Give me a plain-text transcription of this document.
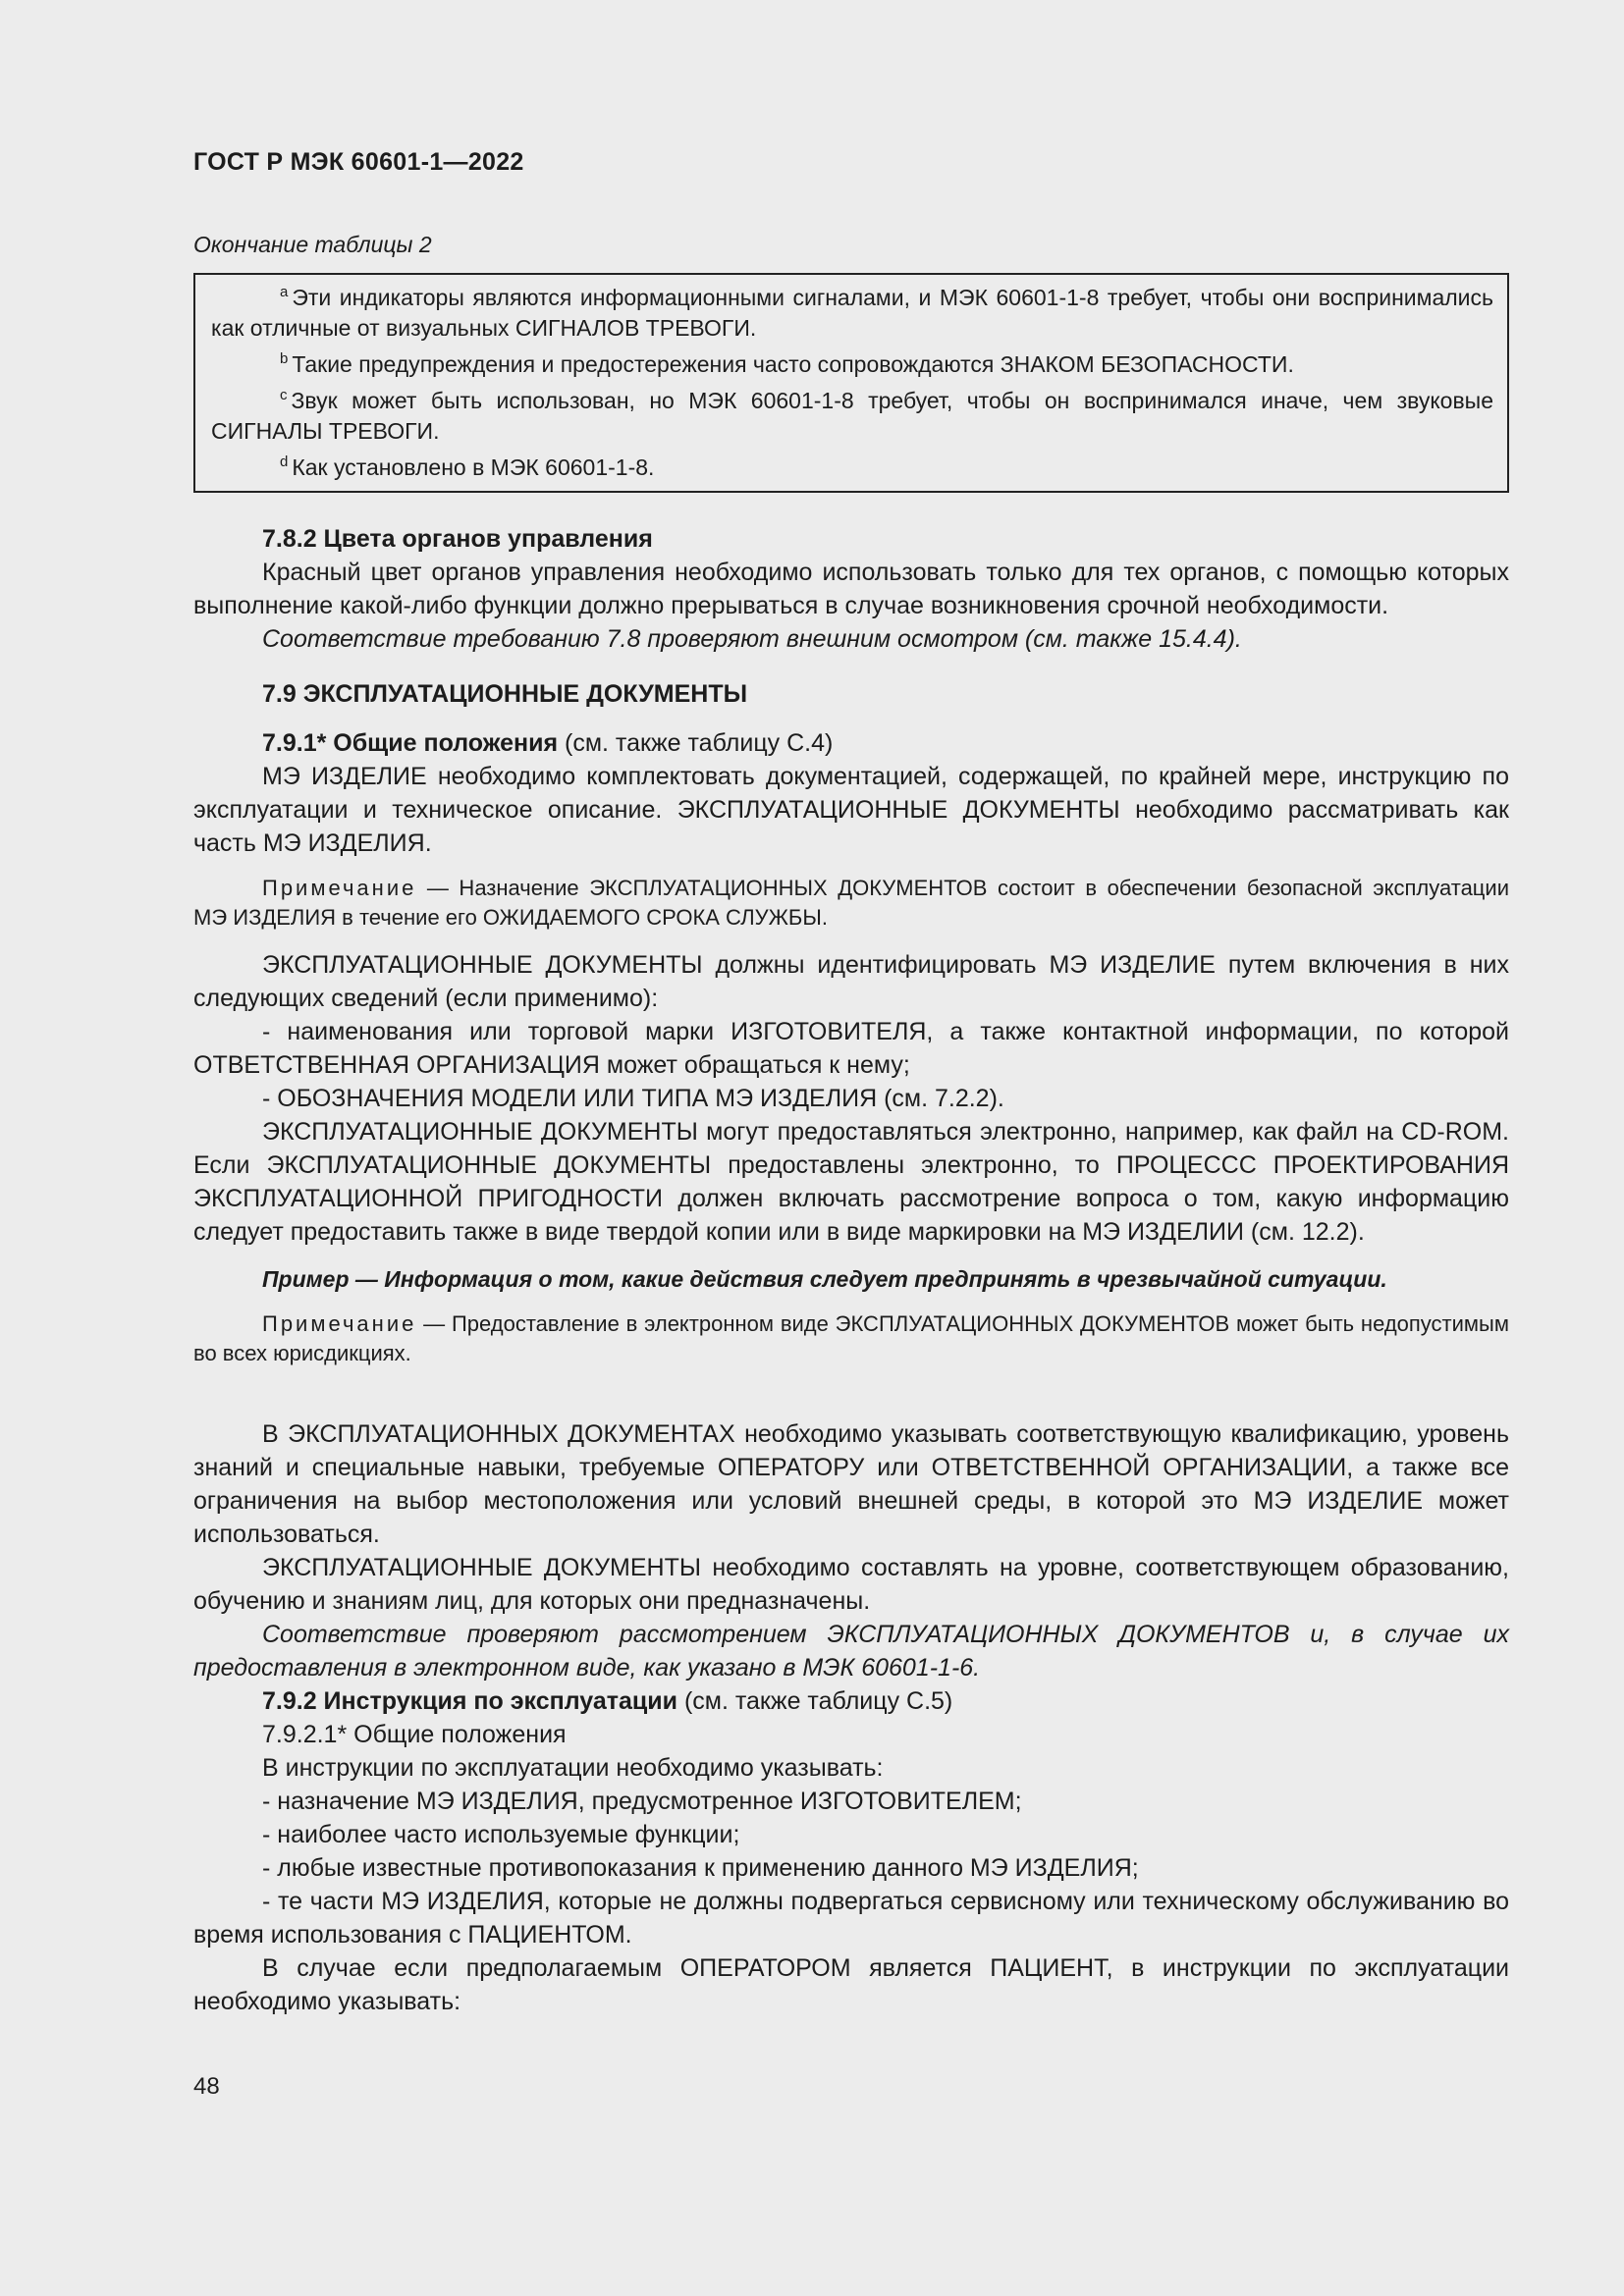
ГОСТ Р МЭК 60601-1—2022
Окончание таблицы 2

$^a$ Эти индикаторы являются информационными сигналами, и МЭК 60601-1-8 требует, чтобы они воспринимались как отличные от визуальных СИГНАЛОВ ТРЕВОГИ.

$^b$ Такие предупреждения и предостережения часто сопровождаются ЗНАКОМ БЕЗОПАСНОСТИ.

$^c$ Звук может быть использован, но МЭК 60601-1-8 требует, чтобы он воспринимался иначе, чем звуковые СИГНАЛЫ ТРЕВОГИ.

$^d$ Как установлено в МЭК 60601-1-8.

7.8.2 Цвета органов управления

Красный цвет органов управления необходимо использовать только для тех органов, с помощью которых выполнение какой-либо функции должно прерываться в случае возникновения срочной необходимости.

Соответствие требованию 7.8 проверяют внешним осмотром (см. также 15.4.4).

7.9 ЭКСПЛУАТАЦИОННЫЕ ДОКУМЕНТЫ

7.9.1* Общие положения (см. также таблицу С.4)

МЭ ИЗДЕЛИЕ необходимо комплектовать документацией, содержащей, по крайней мере, инструкцию по эксплуатации и техническое описание. ЭКСПЛУАТАЦИОННЫЕ ДОКУМЕНТЫ необходимо рассматривать как часть МЭ ИЗДЕЛИЯ.

Примечание — Назначение ЭКСПЛУАТАЦИОННЫХ ДОКУМЕНТОВ состоит в обеспечении безопасной эксплуатации МЭ ИЗДЕЛИЯ в течение его ОЖИДАЕМОГО СРОКА СЛУЖБЫ.

ЭКСПЛУАТАЦИОННЫЕ ДОКУМЕНТЫ должны идентифицировать МЭ ИЗДЕЛИЕ путем включения в них следующих сведений (если применимо):

- наименования или торговой марки ИЗГОТОВИТЕЛЯ, а также контактной информации, по которой ОТВЕТСТВЕННАЯ ОРГАНИЗАЦИЯ может обращаться к нему;

- ОБОЗНАЧЕНИЯ МОДЕЛИ ИЛИ ТИПА МЭ ИЗДЕЛИЯ (см. 7.2.2).

ЭКСПЛУАТАЦИОННЫЕ ДОКУМЕНТЫ могут предоставляться электронно, например, как файл на CD-ROM. Если ЭКСПЛУАТАЦИОННЫЕ ДОКУМЕНТЫ предоставлены электронно, то ПРОЦЕССС ПРОЕКТИРОВАНИЯ ЭКСПЛУАТАЦИОННОЙ ПРИГОДНОСТИ должен включать рассмотрение вопроса о том, какую информацию следует предоставить также в виде твердой копии или в виде маркировки на МЭ ИЗДЕЛИИ (см. 12.2).

Пример — Информация о том, какие действия следует предпринять в чрезвычайной ситуации.

Примечание — Предоставление в электронном виде ЭКСПЛУАТАЦИОННЫХ ДОКУМЕНТОВ может быть недопустимым во всех юрисдикциях.

В ЭКСПЛУАТАЦИОННЫХ ДОКУМЕНТАХ необходимо указывать соответствующую квалификацию, уровень знаний и специальные навыки, требуемые ОПЕРАТОРУ или ОТВЕТСТВЕННОЙ ОРГАНИЗАЦИИ, а также все ограничения на выбор местоположения или условий внешней среды, в которой это МЭ ИЗДЕЛИЕ может использоваться.

ЭКСПЛУАТАЦИОННЫЕ ДОКУМЕНТЫ необходимо составлять на уровне, соответствующем образованию, обучению и знаниям лиц, для которых они предназначены.

Соответствие проверяют рассмотрением ЭКСПЛУАТАЦИОННЫХ ДОКУМЕНТОВ и, в случае их предоставления в электронном виде, как указано в МЭК 60601-1-6.

7.9.2 Инструкция по эксплуатации (см. также таблицу С.5)

7.9.2.1* Общие положения

В инструкции по эксплуатации необходимо указывать:

- назначение МЭ ИЗДЕЛИЯ, предусмотренное ИЗГОТОВИТЕЛЕМ;

- наиболее часто используемые функции;

- любые известные противопоказания к применению данного МЭ ИЗДЕЛИЯ;

- те части МЭ ИЗДЕЛИЯ, которые не должны подвергаться сервисному или техническому обслуживанию во время использования с ПАЦИЕНТОМ.

В случае если предполагаемым ОПЕРАТОРОМ является ПАЦИЕНТ, в инструкции по эксплуатации необходимо указывать:

48
